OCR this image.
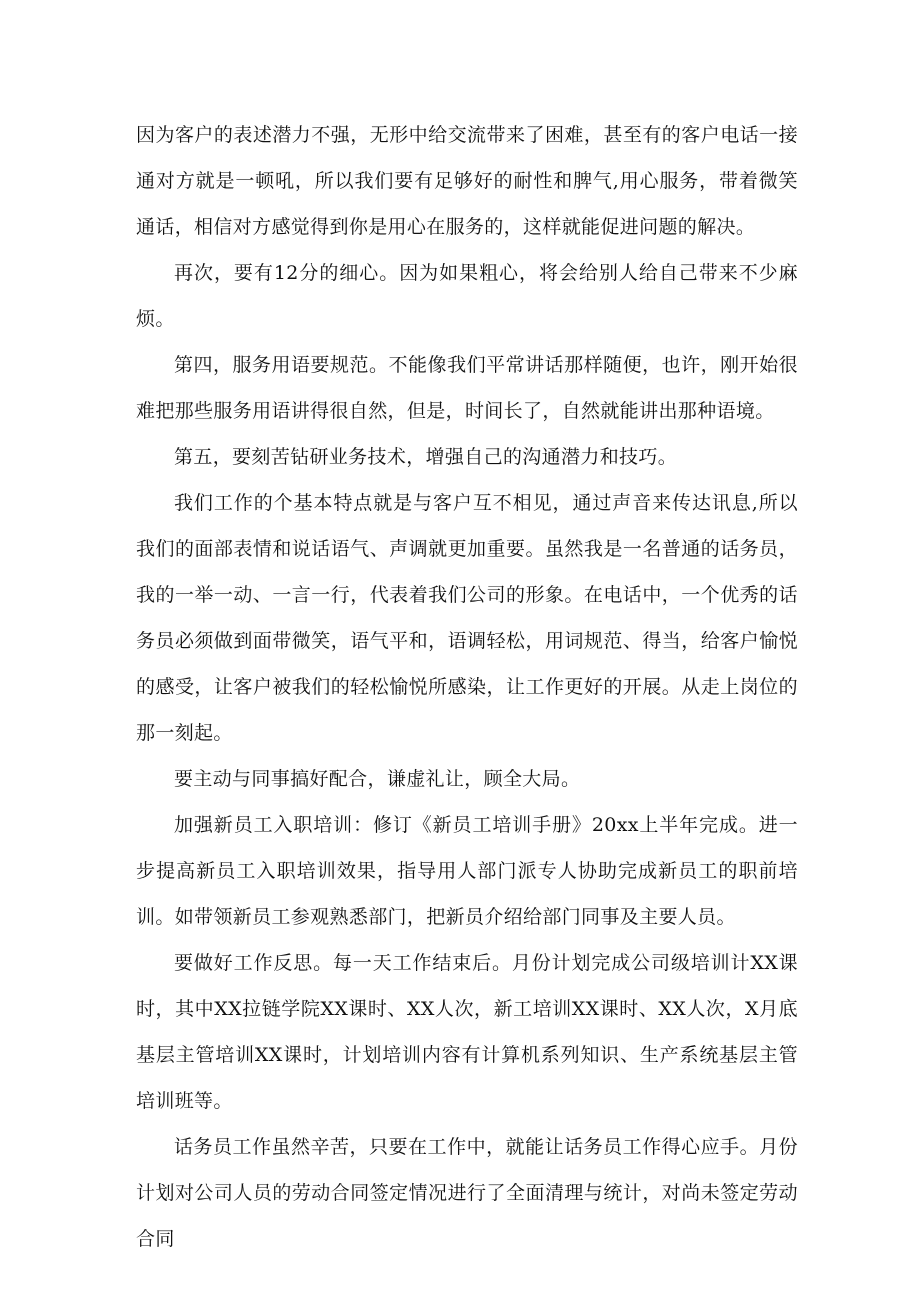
因为客户的表述潜力不强，无形中给交流带来了困难，甚至有的客户电话一接通对方就是一顿吼，所以我们要有足够好的耐性和脾气,用心服务，带着微笑通话，相信对方感觉得到你是用心在服务的，这样就能促进问题的解决。

再次，要有12分的细心。因为如果粗心，将会给别人给自己带来不少麻烦。

第四，服务用语要规范。不能像我们平常讲话那样随便，也许，刚开始很难把那些服务用语讲得很自然，但是，时间长了，自然就能讲出那种语境。

第五，要刻苦钻研业务技术，增强自己的沟通潜力和技巧。

我们工作的个基本特点就是与客户互不相见，通过声音来传达讯息,所以我们的面部表情和说话语气、声调就更加重要。虽然我是一名普通的话务员，我的一举一动、一言一行，代表着我们公司的形象。在电话中，一个优秀的话务员必须做到面带微笑，语气平和，语调轻松，用词规范、得当，给客户愉悦的感受，让客户被我们的轻松愉悦所感染，让工作更好的开展。从走上岗位的那一刻起。

要主动与同事搞好配合，谦虚礼让，顾全大局。

加强新员工入职培训：修订《新员工培训手册》20xx上半年完成。进一步提高新员工入职培训效果，指导用人部门派专人协助完成新员工的职前培训。如带领新员工参观熟悉部门，把新员介绍给部门同事及主要人员。

要做好工作反思。每一天工作结束后。月份计划完成公司级培训计XX课时，其中XX拉链学院XX课时、XX人次，新工培训XX课时、XX人次，X月底基层主管培训XX课时，计划培训内容有计算机系列知识、生产系统基层主管培训班等。

话务员工作虽然辛苦，只要在工作中，就能让话务员工作得心应手。月份计划对公司人员的劳动合同签定情况进行了全面清理与统计，对尚未签定劳动合同
